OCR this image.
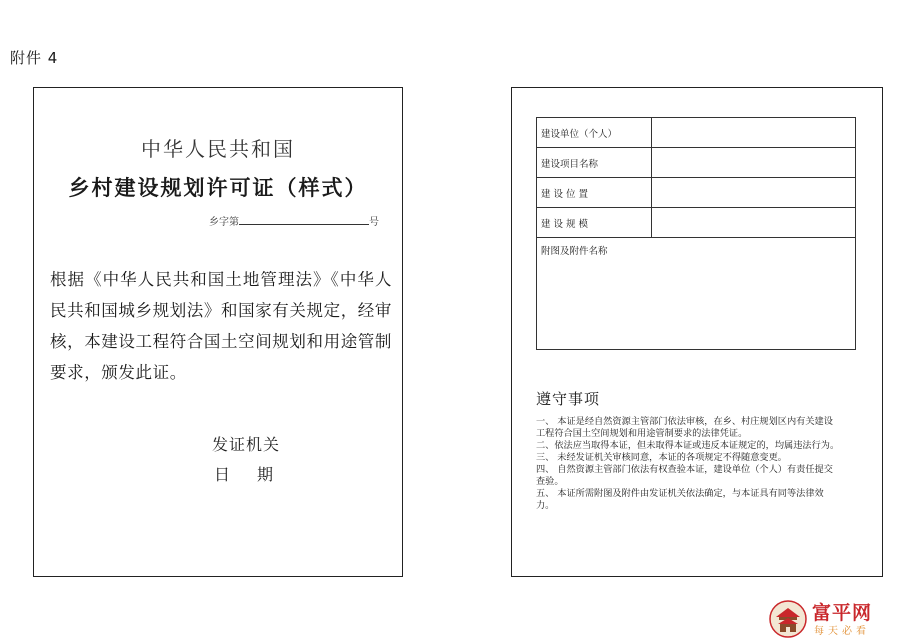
附件 4
中华人民共和国
乡村建设规划许可证（样式）
乡字第	号
根据《中华人民共和国土地管理法》《中华人民共和国城乡规划法》和国家有关规定，经审核，本建设工程符合国土空间规划和用途管制要求，颁发此证。
发证机关
日 期
建设单位（个人）	
建设项目名称	
建 设 位 置	
建 设 规 模	
附图及附件名称	
遵守事项
一、 本证是经自然资源主管部门依法审核，在乡、村庄规划区内有关建设
工程符合国土空间规划和用途管制要求的法律凭证。
二、依法应当取得本证，但未取得本证或违反本证规定的，均属违法行为。
三、 未经发证机关审核同意，本证的各项规定不得随意变更。
四、 自然资源主管部门依法有权查验本证，建设单位（个人）有责任提交
查验。
五、 本证所需附图及附件由发证机关依法确定，与本证具有同等法律效
力。
富平网
每天必看
